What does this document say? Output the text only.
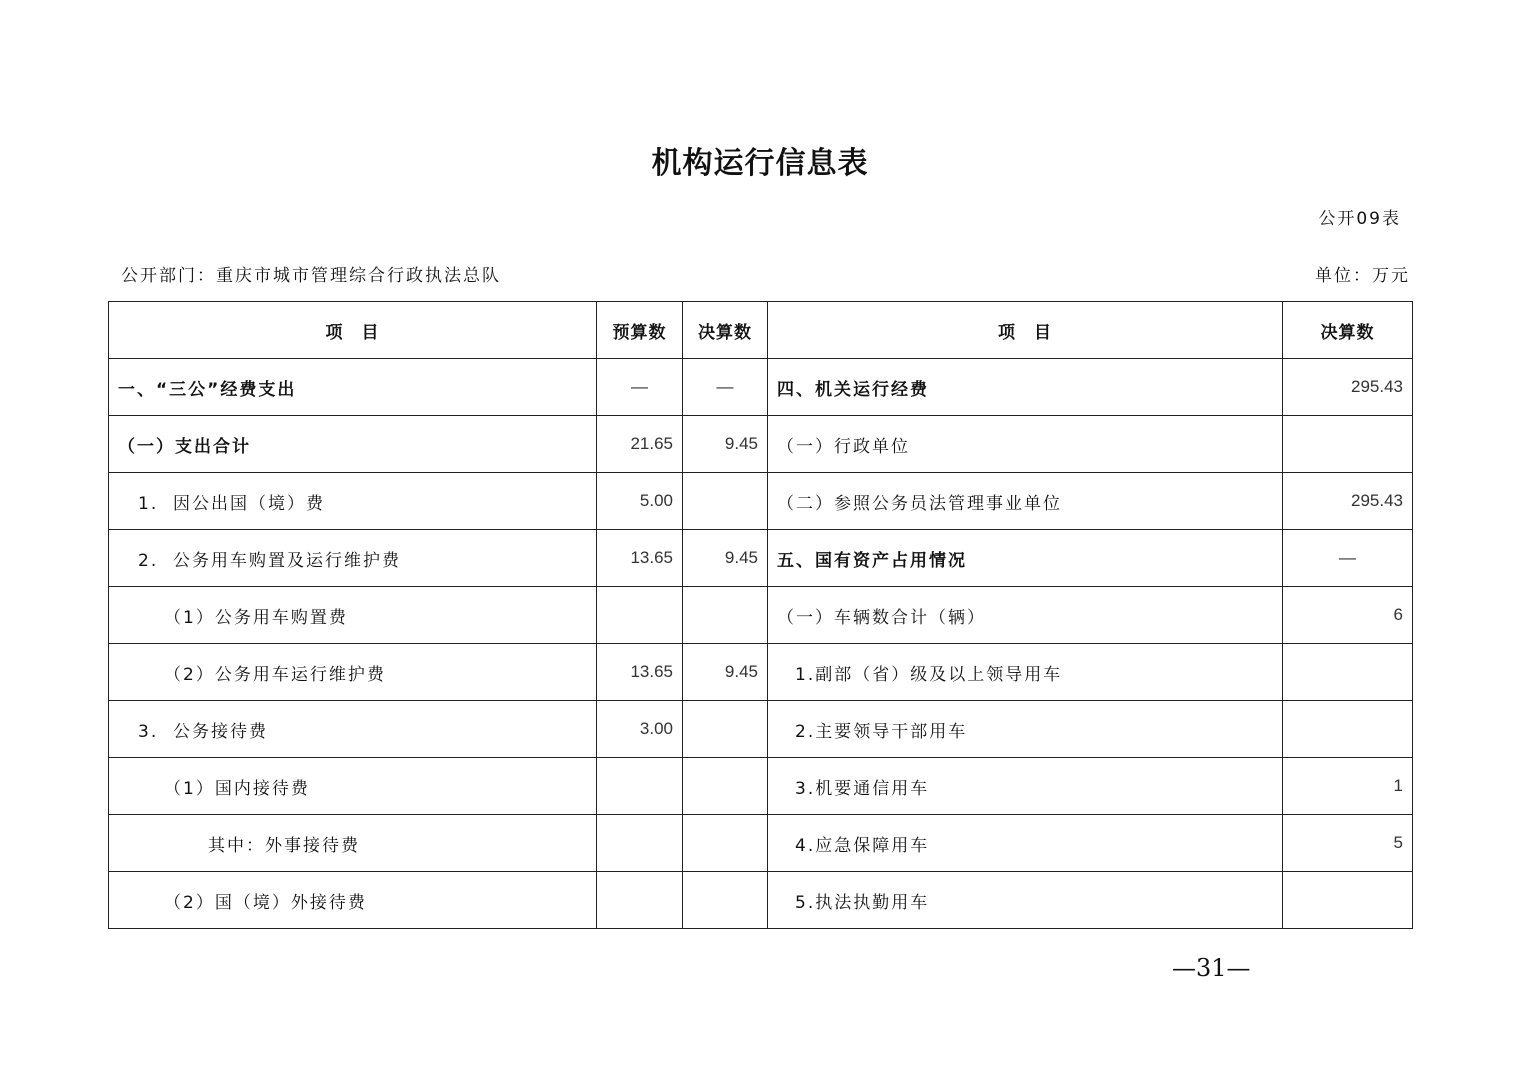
机构运行信息表
公开09表
公开部门：重庆市城市管理综合行政执法总队	单位：万元
项　目	预算数	决算数	项　目	决算数
一、“三公”经费支出	—	—	四、机关运行经费	295.43
（一）支出合计	21.65	9.45	（一）行政单位	
1.  因公出国（境）费	5.00		（二）参照公务员法管理事业单位	295.43
2.  公务用车购置及运行维护费	13.65	9.45	五、国有资产占用情况	—
（1）公务用车购置费			（一）车辆数合计（辆）	6
（2）公务用车运行维护费	13.65	9.45	1.副部（省）级及以上领导用车	
3.  公务接待费	3.00		2.主要领导干部用车	
（1）国内接待费			3.机要通信用车	1
其中：外事接待费			4.应急保障用车	5
（2）国（境）外接待费			5.执法执勤用车	
—31—
